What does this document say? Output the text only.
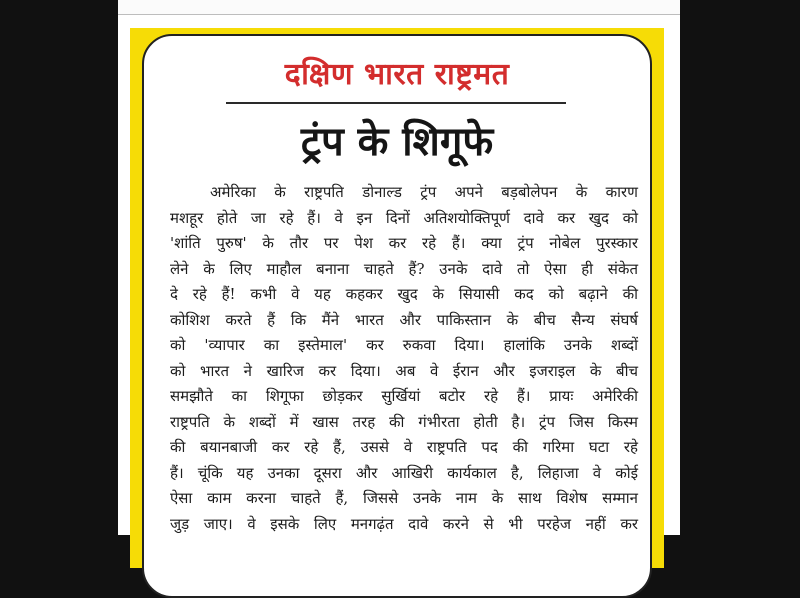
दक्षिण भारत राष्ट्रमत
ट्रंप के शिगूफे
अमेरिका के राष्ट्रपति डोनाल्ड ट्रंप अपने बड़बोलेपन के कारण
मशहूर होते जा रहे हैं। वे इन दिनों अतिशयोक्तिपूर्ण दावे कर खुद को
'शांति पुरुष' के तौर पर पेश कर रहे हैं। क्या ट्रंप नोबेल पुरस्कार
लेने के लिए माहौल बनाना चाहते हैं? उनके दावे तो ऐसा ही संकेत
दे रहे हैं! कभी वे यह कहकर खुद के सियासी कद को बढ़ाने की
कोशिश करते हैं कि मैंने भारत और पाकिस्तान के बीच सैन्य संघर्ष
को 'व्यापार का इस्तेमाल' कर रुकवा दिया। हालांकि उनके शब्दों
को भारत ने खारिज कर दिया। अब वे ईरान और इजराइल के बीच
समझौते का शिगूफा छोड़कर सुर्खियां बटोर रहे हैं। प्रायः अमेरिकी
राष्ट्रपति के शब्दों में खास तरह की गंभीरता होती है। ट्रंप जिस किस्म
की बयानबाजी कर रहे हैं, उससे वे राष्ट्रपति पद की गरिमा घटा रहे
हैं। चूंकि यह उनका दूसरा और आखिरी कार्यकाल है, लिहाजा वे कोई
ऐसा काम करना चाहते हैं, जिससे उनके नाम के साथ विशेष सम्मान
जुड़ जाए। वे इसके लिए मनगढ़ंत दावे करने से भी परहेज नहीं कर
